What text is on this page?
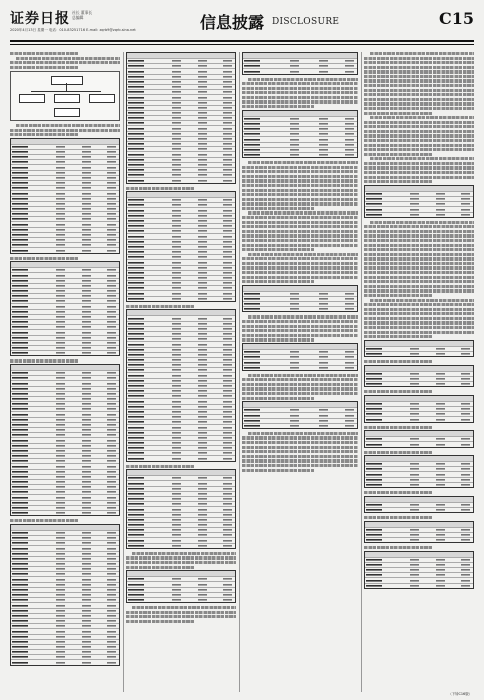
证券日报 社长 董事长
总编辑
2020年4月13日 星期一 电话：010-83251716 E-mail: zqrb9@zqrb.sina.net	信息披露 DISCLOSURE	C15
（下转C16版）
